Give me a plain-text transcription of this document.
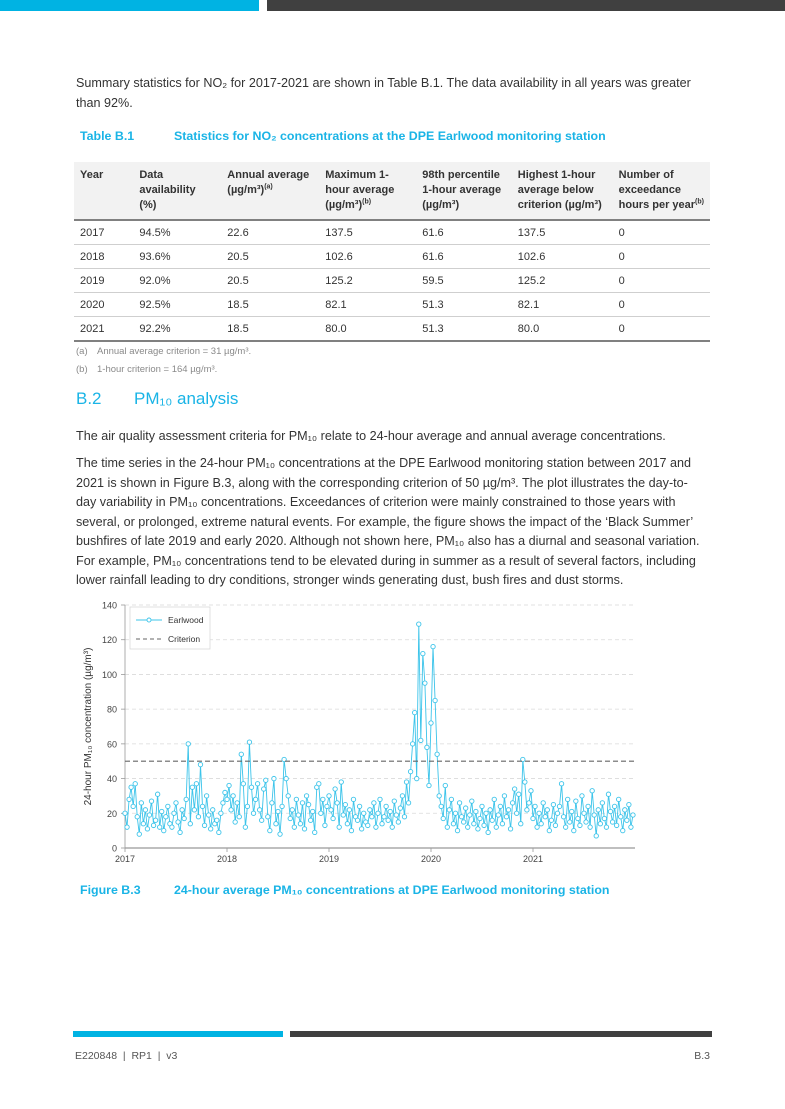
Summary statistics for NO₂ for 2017-2021 are shown in Table B.1. The data availability in all years was greater than 92%.

Table B.1	Statistics for NO₂ concentrations at the DPE Earlwood monitoring station
Year	Data availability (%)	Annual average $(\mu g/m^3)^{(a)}$	Maximum 1-hour average $(\mu g/m^3)^{(b)}$	98th percentile 1-hour average (µg/m³)	Highest 1-hour average below criterion (µg/m³)	Number of exceedance hours per year$^{(b)}$
2017	94.5%	22.6	137.5	61.6	137.5	0
2018	93.6%	20.5	102.6	61.6	102.6	0
2019	92.0%	20.5	125.2	59.5	125.2	0
2020	92.5%	18.5	82.1	51.3	82.1	0
2021	92.2%	18.5	80.0	51.3	80.0	0
(a) Annual average criterion = 31 µg/m³.
(b) 1-hour criterion = 164 µg/m³.
B.2 PM₁₀ analysis

The air quality assessment criteria for PM₁₀ relate to 24-hour average and annual average concentrations.

The time series in the 24-hour PM₁₀ concentrations at the DPE Earlwood monitoring station between 2017 and 2021 is shown in Figure B.3, along with the corresponding criterion of 50 µg/m³. The plot illustrates the day-to-day variability in PM₁₀ concentrations. Exceedances of criterion were mainly constrained to those years with several, or prolonged, extreme natural events. For example, the figure shows the impact of the ‘Black Summer’ bushfires of late 2019 and early 2020. Although not shown here, PM₁₀ also has a diurnal and seasonal variation. For example, PM₁₀ concentrations tend to be elevated during in summer as a result of several factors, including lower rainfall leading to dry conditions, stronger winds generating dust, bush fires and dust storms.

0
20
40
60
80
100
120
140
2017	2018	2019	2020	2021
24-hour PM₁₀ concentration (µg/m³)
Earlwood
Criterion
Figure B.3	24-hour average PM₁₀ concentrations at DPE Earlwood monitoring station
E220848  |  RP1  |  v3	B.3
